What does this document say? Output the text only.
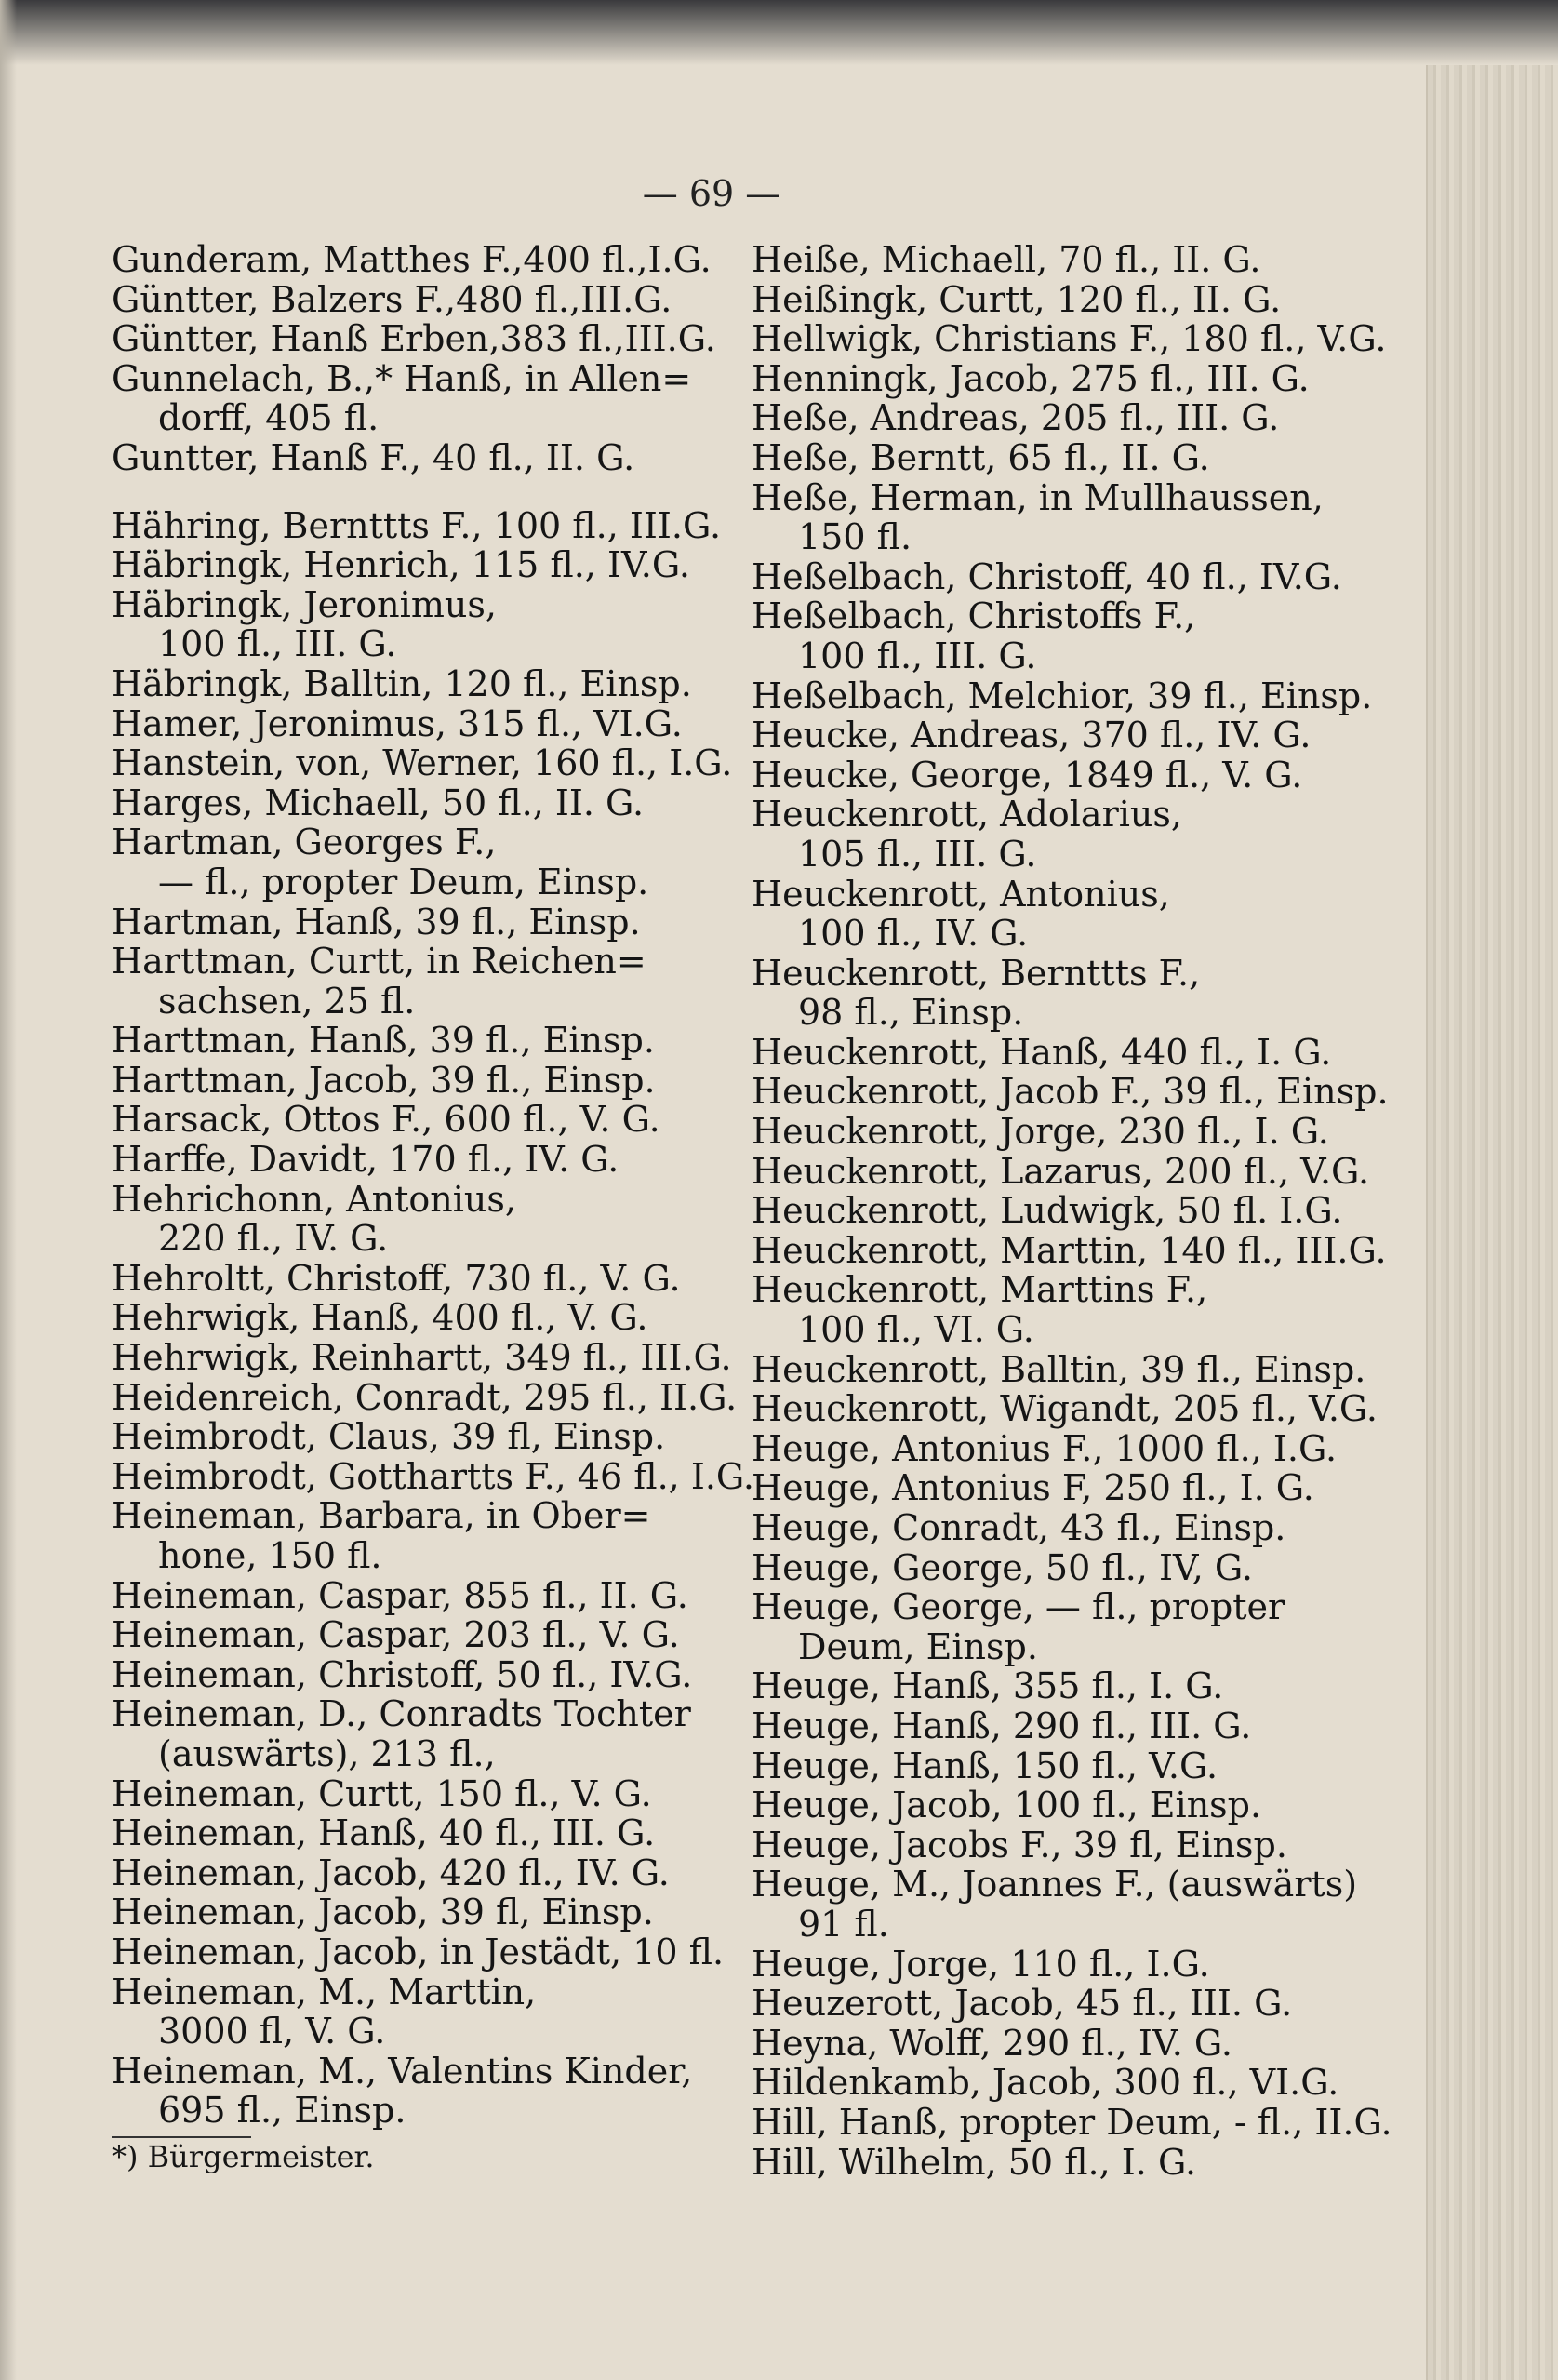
— 69 —
Gunderam, Matthes F.,400 fl.,I.G.
Güntter, Balzers F.,480 fl.,III.G.
Güntter, Hanß Erben,383 fl.,III.G.
Gunnelach, B.,* Hanß, in Allen=
dorff, 405 fl.
Guntter, Hanß F., 40 fl., II. G.
Hähring, Bernttts F., 100 fl., III.G.
Häbringk, Henrich, 115 fl., IV.G.
Häbringk, Jeronimus,
100 fl., III. G.
Häbringk, Balltin, 120 fl., Einsp.
Hamer, Jeronimus, 315 fl., VI.G.
Hanstein, von, Werner, 160 fl., I.G.
Harges, Michaell, 50 fl., II. G.
Hartman, Georges F.,
— fl., propter Deum, Einsp.
Hartman, Hanß, 39 fl., Einsp.
Harttman, Curtt, in Reichen=
sachsen, 25 fl.
Harttman, Hanß, 39 fl., Einsp.
Harttman, Jacob, 39 fl., Einsp.
Harsack, Ottos F., 600 fl., V. G.
Harffe, Davidt, 170 fl., IV. G.
Hehrichonn, Antonius,
220 fl., IV. G.
Hehroltt, Christoff, 730 fl., V. G.
Hehrwigk, Hanß, 400 fl., V. G.
Hehrwigk, Reinhartt, 349 fl., III.G.
Heidenreich, Conradt, 295 fl., II.G.
Heimbrodt, Claus, 39 fl, Einsp.
Heimbrodt, Gotthartts F., 46 fl., I.G.
Heineman, Barbara, in Ober=
hone, 150 fl.
Heineman, Caspar, 855 fl., II. G.
Heineman, Caspar, 203 fl., V. G.
Heineman, Christoff, 50 fl., IV.G.
Heineman, D., Conradts Tochter
(auswärts), 213 fl.,
Heineman, Curtt, 150 fl., V. G.
Heineman, Hanß, 40 fl., III. G.
Heineman, Jacob, 420 fl., IV. G.
Heineman, Jacob, 39 fl, Einsp.
Heineman, Jacob, in Jestädt, 10 fl.
Heineman, M., Marttin,
3000 fl, V. G.
Heineman, M., Valentins Kinder,
695 fl., Einsp.
*) Bürgermeister.
Heiße, Michaell, 70 fl., II. G.
Heißingk, Curtt, 120 fl., II. G.
Hellwigk, Christians F., 180 fl., V.G.
Henningk, Jacob, 275 fl., III. G.
Heße, Andreas, 205 fl., III. G.
Heße, Berntt, 65 fl., II. G.
Heße, Herman, in Mullhaussen,
150 fl.
Heßelbach, Christoff, 40 fl., IV.G.
Heßelbach, Christoffs F.,
100 fl., III. G.
Heßelbach, Melchior, 39 fl., Einsp.
Heucke, Andreas, 370 fl., IV. G.
Heucke, George, 1849 fl., V. G.
Heuckenrott, Adolarius,
105 fl., III. G.
Heuckenrott, Antonius,
100 fl., IV. G.
Heuckenrott, Bernttts F.,
98 fl., Einsp.
Heuckenrott, Hanß, 440 fl., I. G.
Heuckenrott, Jacob F., 39 fl., Einsp.
Heuckenrott, Jorge, 230 fl., I. G.
Heuckenrott, Lazarus, 200 fl., V.G.
Heuckenrott, Ludwigk, 50 fl. I.G.
Heuckenrott, Marttin, 140 fl., III.G.
Heuckenrott, Marttins F.,
100 fl., VI. G.
Heuckenrott, Balltin, 39 fl., Einsp.
Heuckenrott, Wigandt, 205 fl., V.G.
Heuge, Antonius F., 1000 fl., I.G.
Heuge, Antonius F, 250 fl., I. G.
Heuge, Conradt, 43 fl., Einsp.
Heuge, George, 50 fl., IV, G.
Heuge, George, — fl., propter
Deum, Einsp.
Heuge, Hanß, 355 fl., I. G.
Heuge, Hanß, 290 fl., III. G.
Heuge, Hanß, 150 fl., V.G.
Heuge, Jacob, 100 fl., Einsp.
Heuge, Jacobs F., 39 fl, Einsp.
Heuge, M., Joannes F., (auswärts)
91 fl.
Heuge, Jorge, 110 fl., I.G.
Heuzerott, Jacob, 45 fl., III. G.
Heyna, Wolff, 290 fl., IV. G.
Hildenkamb, Jacob, 300 fl., VI.G.
Hill, Hanß, propter Deum, - fl., II.G.
Hill, Wilhelm, 50 fl., I. G.
